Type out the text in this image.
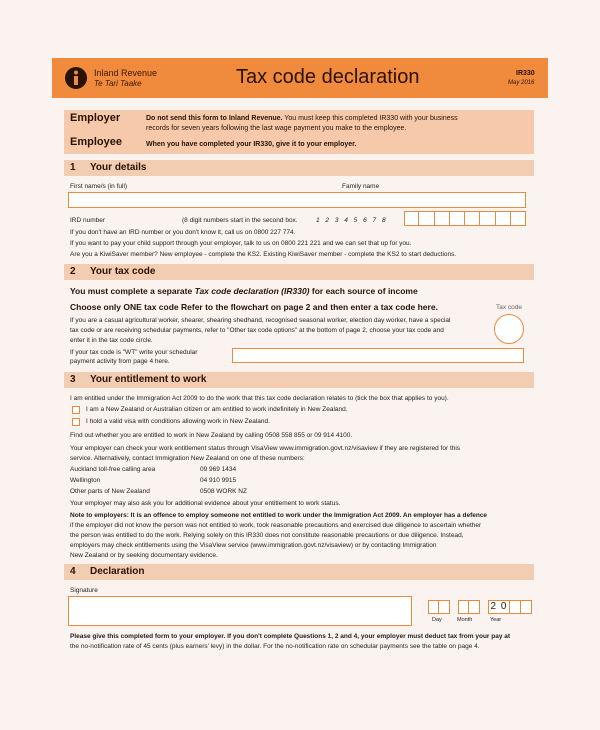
Inland Revenue
Te Tari Taake	Tax code declaration	IR330
May 2016
Employer	Do not send this form to Inland Revenue. You must keep this completed IR330 with your business
records for seven years following the last wage payment you make to the employee.
Employee	When you have completed your IR330, give it to your employer.
1 Your details
First name/s (in full)	Family name
IRD number	(8 digit numbers start in the second box.	1 2 3 4 5 6 7 8
If you don't have an IRD number or you don't know it, call us on 0800 227 774.
If you want to pay your child support through your employer, talk to us on 0800 221 221 and we can set that up for you.
Are you a KiwiSaver member? New employee - complete the KS2. Existing KiwiSaver member - complete the KS2 to start deductions.
2 Your tax code
You must complete a separate Tax code declaration (IR330) for each source of income
Choose only ONE tax code Refer to the flowchart on page 2 and then enter a tax code here.	Tax code
If you are a casual agricultural worker, shearer, shearing shedhand, recognised seasonal worker, election day worker, have a special
tax code or are receiving schedular payments, refer to "Other tax code options" at the bottom of page 2, choose your tax code and
enter it in the tax code circle.
If your tax code is "WT" write your schedular
payment activity from page 4 here.
3 Your entitlement to work
I am entitled under the Immigration Act 2009 to do the work that this tax code declaration relates to (tick the box that applies to you).
I am a New Zealand or Australian citizen or am entitled to work indefinitely in New Zealand.
I hold a valid visa with conditions allowing work in New Zealand.
Find out whether you are entitled to work in New Zealand by calling 0508 558 855 or 09 914 4100.
Your employer can check your work entitlement status through VisaView www.immigration.govt.nz/visaview if they are registered for this
service. Alternatively, contact Immigration New Zealand on one of these numbers:
Auckland toll-free calling area	09 969 1434
Wellington	04 910 9915
Other parts of New Zealand	0508 WORK NZ
Your employer may also ask you for additional evidence about your entitlement to work status.
Note to employers: It is an offence to employ someone not entitled to work under the Immigration Act 2009. An employer has a defence
if the employer did not know the person was not entitled to work, took reasonable precautions and exercised due diligence to ascertain whether
the person was entitled to do the work. Relying solely on this IR330 does not constitute reasonable precautions or due diligence. Instead,
employers may check entitlements using the VisaView service (www.immigration.govt.nz/visaview) or by contacting Immigration
New Zealand or by seeking documentary evidence.
4 Declaration
Signature
2 0
Day	Month	Year
Please give this completed form to your employer. If you don't complete Questions 1, 2 and 4, your employer must deduct tax from your pay at
the no-notification rate of 45 cents (plus earners' levy) in the dollar. For the no-notification rate on schedular payments see the table on page 4.
